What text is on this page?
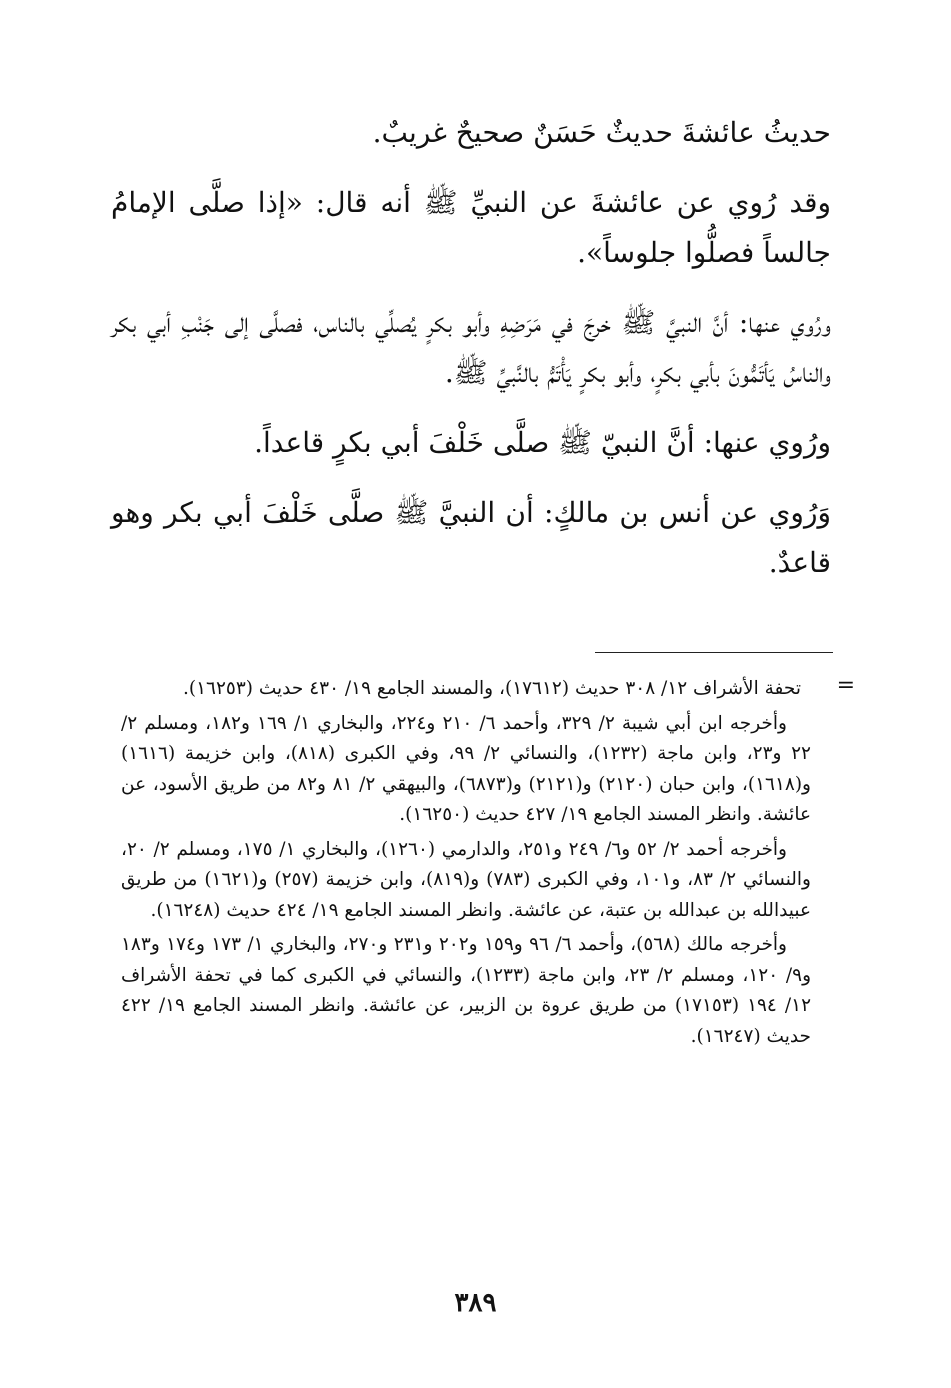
حديثُ عائشةَ حديثٌ حَسَنٌ صحيحٌ غريبٌ.

وقد رُوي عن عائشةَ عن النبيِّ ﷺ أنه قال: «إذا صلَّى الإمامُ جالساً فصلُّوا جلوساً».

ورُوي عنها: أنَّ النبيَّ ﷺ خرجَ في مَرَضِهِ وأبو بكرٍ يُصلِّي بالناس، فصلَّى إلى جَنْبِ أبي بكر والناسُ يَأتَمُّونَ بأبي بكرٍ، وأبو بكرٍ يَأْتَمُّ بالنَّبيِّ ﷺ.

ورُوي عنها: أنَّ النبيّ ﷺ صلَّى خَلْفَ أبي بكرٍ قاعداً.

وَرُوي عن أنس بن مالكٍ: أن النبيَّ ﷺ صلَّى خَلْفَ أبي بكر وهو قاعدٌ.

=

تحفة الأشراف ١٢/ ٣٠٨ حديث (١٧٦١٢)، والمسند الجامع ١٩/ ٤٣٠ حديث (١٦٢٥٣).

وأخرجه ابن أبي شيبة ٢/ ٣٢٩، وأحمد ٦/ ٢١٠ و٢٢٤، والبخاري ١/ ١٦٩ و١٨٢، ومسلم ٢/ ٢٢ و٢٣، وابن ماجة (١٢٣٢)، والنسائي ٢/ ٩٩، وفي الكبرى (٨١٨)، وابن خزيمة (١٦١٦) و(١٦١٨)، وابن حبان (٢١٢٠) و(٢١٢١) و(٦٨٧٣)، والبيهقي ٢/ ٨١ و٨٢ من طريق الأسود، عن عائشة. وانظر المسند الجامع ١٩/ ٤٢٧ حديث (١٦٢٥٠).

وأخرجه أحمد ٢/ ٥٢ و٦/ ٢٤٩ و٢٥١، والدارمي (١٢٦٠)، والبخاري ١/ ١٧٥، ومسلم ٢/ ٢٠، والنسائي ٢/ ٨٣، و١٠١، وفي الكبرى (٧٨٣) و(٨١٩)، وابن خزيمة (٢٥٧) و(١٦٢١) من طريق عبيدالله بن عبدالله بن عتبة، عن عائشة. وانظر المسند الجامع ١٩/ ٤٢٤ حديث (١٦٢٤٨).

وأخرجه مالك (٥٦٨)، وأحمد ٦/ ٩٦ و١٥٩ و٢٠٢ و٢٣١ و٢٧٠، والبخاري ١/ ١٧٣ و١٧٤ و١٨٣ و٩/ ١٢٠، ومسلم ٢/ ٢٣، وابن ماجة (١٢٣٣)، والنسائي في الكبرى كما في تحفة الأشراف ١٢/ ١٩٤ (١٧١٥٣) من طريق عروة بن الزبير، عن عائشة. وانظر المسند الجامع ١٩/ ٤٢٢ حديث (١٦٢٤٧).

٣٨٩
